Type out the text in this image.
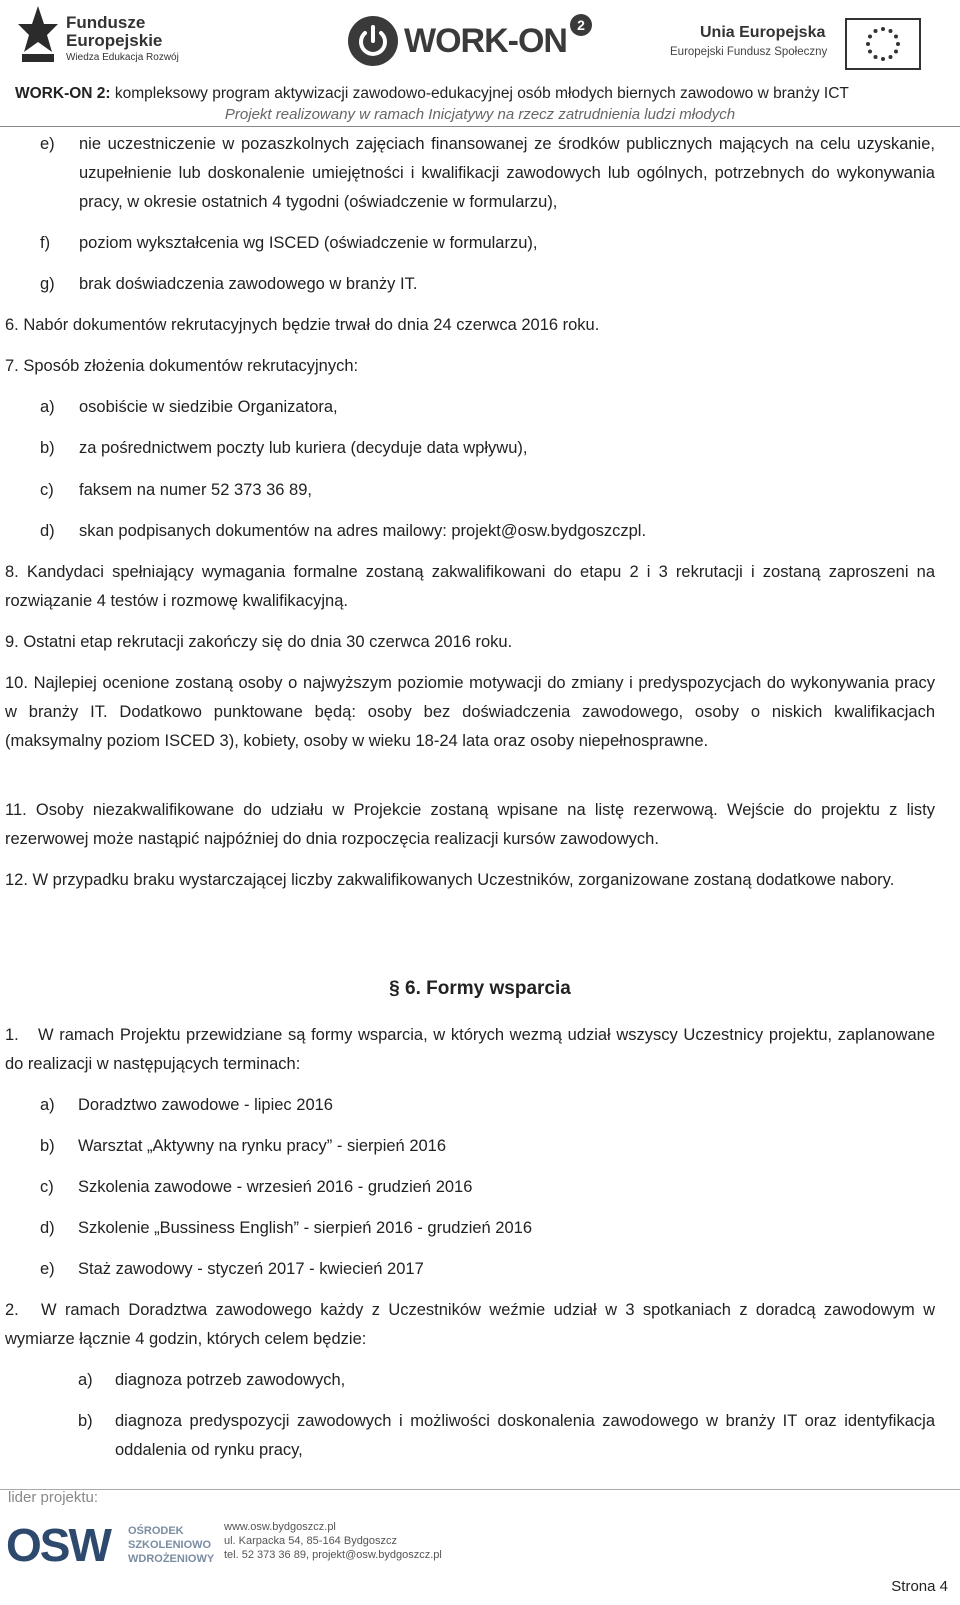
Fundusze
Europejskie
Wiedza Edukacja Rozwój	WORK-ON 2	Unia Europejska
Europejski Fundusz Społeczny
WORK-ON 2: kompleksowy program aktywizacji zawodowo-edukacyjnej osób młodych biernych zawodowo w branży ICT
Projekt realizowany w ramach Inicjatywy na rzecz zatrudnienia ludzi młodych
e) nie uczestniczenie w pozaszkolnych zajęciach finansowanej ze środków publicznych mających na celu uzyskanie, uzupełnienie lub doskonalenie umiejętności i kwalifikacji zawodowych lub ogólnych, potrzebnych do wykonywania pracy, w okresie ostatnich 4 tygodni (oświadczenie w formularzu),
f) poziom wykształcenia wg ISCED (oświadczenie w formularzu),
g) brak doświadczenia zawodowego w branży IT.
6. Nabór dokumentów rekrutacyjnych będzie trwał do dnia 24 czerwca 2016 roku.
7. Sposób złożenia dokumentów rekrutacyjnych:
a) osobiście w siedzibie Organizatora,
b) za pośrednictwem poczty lub kuriera (decyduje data wpływu),
c) faksem na numer 52 373 36 89,
d) skan podpisanych dokumentów na adres mailowy: projekt@osw.bydgoszczpl.
8. Kandydaci spełniający wymagania formalne zostaną zakwalifikowani do etapu 2 i 3 rekrutacji i zostaną zaproszeni na rozwiązanie 4 testów i rozmowę kwalifikacyjną.
9. Ostatni etap rekrutacji zakończy się do dnia 30 czerwca 2016 roku.
10. Najlepiej ocenione zostaną osoby o najwyższym poziomie motywacji do zmiany i predyspozycjach do wykonywania pracy w branży IT. Dodatkowo punktowane będą: osoby bez doświadczenia zawodowego, osoby o niskich kwalifikacjach (maksymalny poziom ISCED 3), kobiety, osoby w wieku 18-24 lata oraz osoby niepełnosprawne.
11. Osoby niezakwalifikowane do udziału w Projekcie zostaną wpisane na listę rezerwową. Wejście do projektu z listy rezerwowej może nastąpić najpóźniej do dnia rozpoczęcia realizacji kursów zawodowych.
12. W przypadku braku wystarczającej liczby zakwalifikowanych Uczestników, zorganizowane zostaną dodatkowe nabory.
§ 6. Formy wsparcia
1.	W ramach Projektu przewidziane są formy wsparcia, w których wezmą udział wszyscy Uczestnicy projektu, zaplanowane do realizacji w następujących terminach:
a) Doradztwo zawodowe - lipiec 2016
b) Warsztat „Aktywny na rynku pracy” - sierpień 2016
c) Szkolenia zawodowe - wrzesień 2016 - grudzień 2016
d) Szkolenie „Bussiness English” - sierpień 2016 - grudzień 2016
e) Staż zawodowy - styczeń 2017 - kwiecień 2017
2.	W ramach Doradztwa zawodowego każdy z Uczestników weźmie udział w 3 spotkaniach z doradcą zawodowym w wymiarze łącznie 4 godzin, których celem będzie:
a) diagnoza potrzeb zawodowych,
b) diagnoza predyspozycji zawodowych i możliwości doskonalenia zawodowego w branży IT oraz identyfikacja oddalenia od rynku pracy,
lider projektu:
OSW OŚRODEK
SZKOLENIOWO
WDROŻENIOWY
www.osw.bydgoszcz.pl
ul. Karpacka 54, 85-164 Bydgoszcz
tel. 52 373 36 89, projekt@osw.bydgoszcz.pl
Strona 4
